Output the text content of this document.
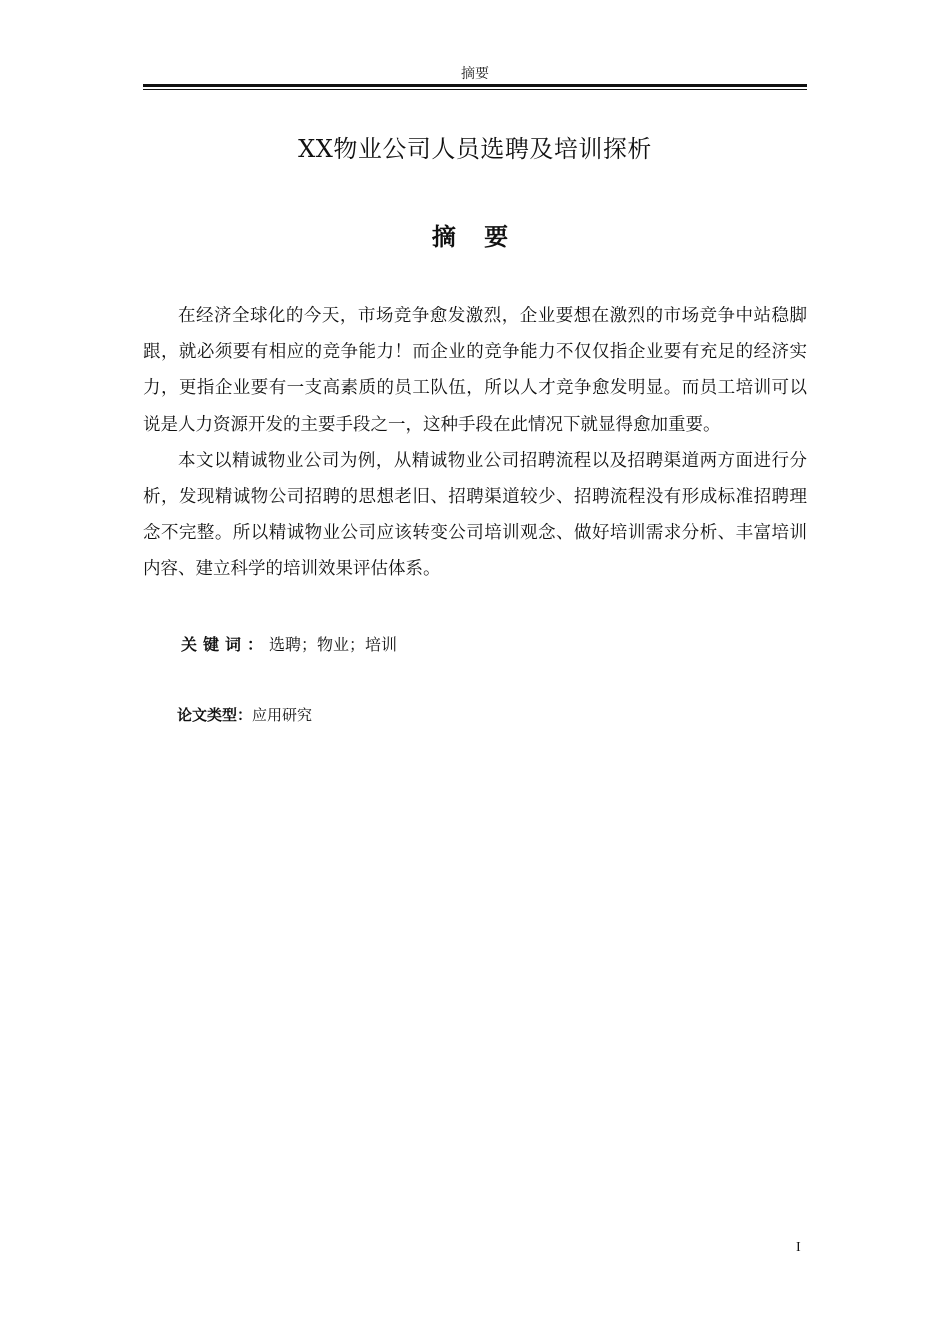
摘要
XX物业公司人员选聘及培训探析
摘 要

在经济全球化的今天，市场竞争愈发激烈，企业要想在激烈的市场竞争中站稳脚跟，就必须要有相应的竞争能力！而企业的竞争能力不仅仅指企业要有充足的经济实力，更指企业要有一支高素质的员工队伍，所以人才竞争愈发明显。而员工培训可以说是人力资源开发的主要手段之一，这种手段在此情况下就显得愈加重要。

本文以精诚物业公司为例，从精诚物业公司招聘流程以及招聘渠道两方面进行分析，发现精诚物公司招聘的思想老旧、招聘渠道较少、招聘流程没有形成标准招聘理念不完整。所以精诚物业公司应该转变公司培训观念、做好培训需求分析、丰富培训内容、建立科学的培训效果评估体系。

关键词：选聘；物业；培训
论文类型：应用研究
I
